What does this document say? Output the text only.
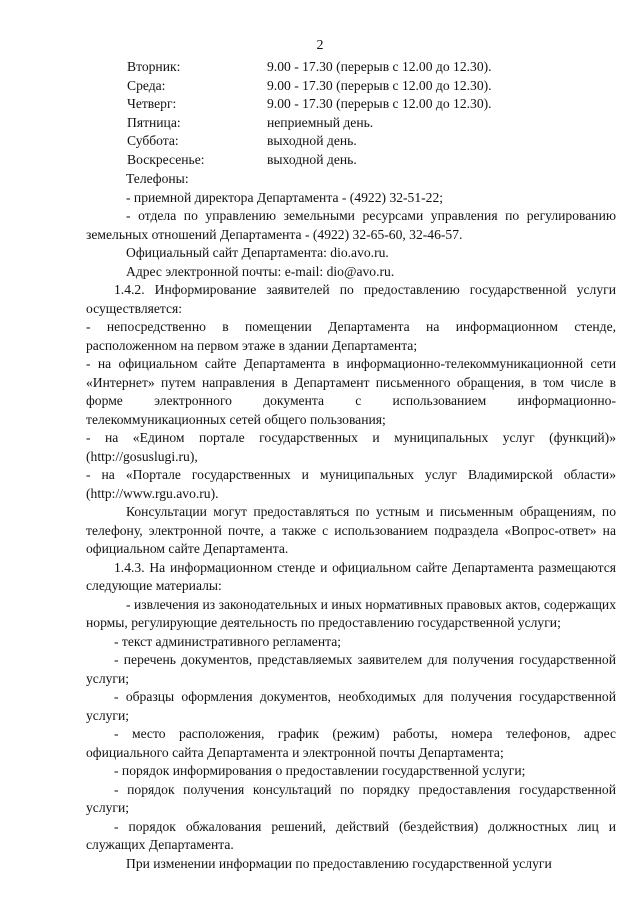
2
Вторник:	9.00 - 17.30 (перерыв с 12.00 до 12.30).
Среда:	9.00 - 17.30 (перерыв с 12.00 до 12.30).
Четверг:	9.00 - 17.30 (перерыв с 12.00 до 12.30).
Пятница:	неприемный день.
Суббота:	выходной день.
Воскресенье:	выходной день.

Телефоны:

- приемной директора Департамента - (4922) 32-51-22;

- отдела по управлению земельными ресурсами управления по регулированию земельных отношений Департамента - (4922) 32-65-60, 32-46-57.

Официальный сайт Департамента: dio.avo.ru.

Адрес электронной почты: e-mail: dio@avo.ru.

1.4.2. Информирование заявителей по предоставлению государственной услуги осуществляется:

- непосредственно в помещении Департамента на информационном стенде, расположенном на первом этаже в здании Департамента;

- на официальном сайте Департамента в информационно-телекоммуникационной сети «Интернет» путем направления в Департамент письменного обращения, в том числе в форме электронного документа с использованием информационно-телекоммуникационных сетей общего пользования;

- на «Едином портале государственных и муниципальных услуг (функций)» (http://gosuslugi.ru),

- на «Портале государственных и муниципальных услуг Владимирской области» (http://www.rgu.avo.ru).

Консультации могут предоставляться по устным и письменным обращениям, по телефону, электронной почте, а также с использованием подраздела «Вопрос-ответ» на официальном сайте Департамента.

1.4.3. На информационном стенде и официальном сайте Департамента размещаются следующие материалы:

- извлечения из законодательных и иных нормативных правовых актов, содержащих нормы, регулирующие деятельность по предоставлению государственной услуги;

- текст административного регламента;

- перечень документов, представляемых заявителем для получения государственной услуги;

- образцы оформления документов, необходимых для получения государственной услуги;

- место расположения, график (режим) работы, номера телефонов, адрес официального сайта Департамента и электронной почты Департамента;

- порядок информирования о предоставлении государственной услуги;

- порядок получения консультаций по порядку предоставления государственной услуги;

- порядок обжалования решений, действий (бездействия) должностных лиц и служащих Департамента.

При изменении информации по предоставлению государственной услуги
